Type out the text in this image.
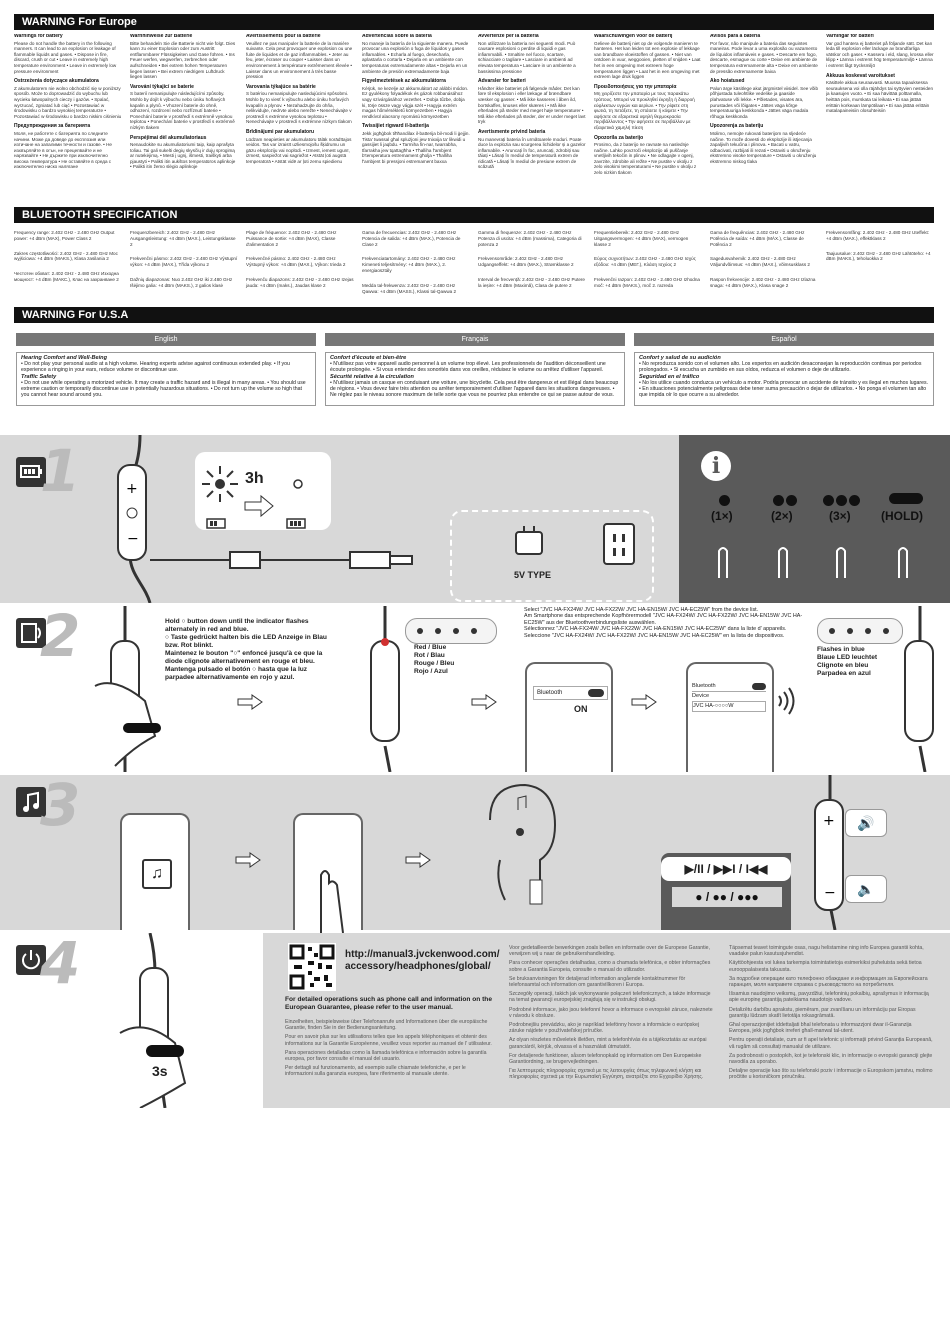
WARNING For Europe
Warnings for battery

Please do not handle the battery in the following manners. It can lead to an explosion or leakage of flammable liquids and gases. • Dispose in fire, discard, crush or cut • Leave in extremely high temperature environment • Leave in extremely low pressure environment

Ostrzeżenia dotyczące akumulatora

Z akumulatorem nie wolno obchodzić się w poniższy sposób. Może to doprowadzić do wybuchu lub wycieku łatwopalnych cieczy i gazów. • Spalać, wyrzucać, zgniatać lub ciąć • Pozostawiać w środowisku o bardzo wysokiej temperaturze • Pozostawiać w środowisku o bardzo niskim ciśnieniu

Предупреждения за батерията

Моля, не работете с батерията по следните начини. Може да доведе до експлозия или изтичане на запалими течности и газове. • Не изхвърляйте в огън, не прецепвайте и не нарязвайте • Не държете при изключително висока температура • Не оставяйте в среда с изключително ниско налягане

Warnhinweise zur Batterie

Bitte behandeln Sie die Batterie nicht wie folgt. Dies kann zu einer Explosion oder zum Austritt entflammbarer Flüssigkeiten und Gase führen. • Ins Feuer werfen, wegwerfen, zerbrechen oder aufschneiden • Bei extrem hohen Temperaturen liegen lassen • Bei extrem niedrigem Luftdruck liegen lassen

Varování týkající se baterie

S baterií nemanipulujte následujícími způsoby. Mohlo by dojít k výbuchu nebo úniku hořlavých kapalin a plynů. • Vhození baterie do ohně, odhození, rozdrcení nebo rozříznutí baterie • Ponechání baterie v prostředí s extrémně vysokou teplotou • Ponechání baterie v prostředí s extrémně nízkým tlakem

Perspėjimai dėl akumuliatoriaus

Nenaudokite su akumuliatoriumi taip, kaip aprašyta toliau. Tai gali sukelti degių skysčių ir dujų sprogimą ar nutekėjimą. • Mesti į ugnį, išmesti, traiškyti arba pjaustyti • Palikti itin aukštos temperatūros aplinkoje • Palikti itin žemo slėgio aplinkoje

Avertissements pour la batterie

Veuillez ne pas manipuler la batterie de la manière suivante. Cela peut provoquer une explosion ou une fuite de liquides et de gaz inflammables. • Jeter au feu, jeter, écraser ou couper • Laisser dans un environnement à température extrêmement élevée • Laisser dans un environnement à très basse pression

Varovania týkajúce sa batérie

S batériou nemanipulujte nasledujúcimi spôsobmi. Mohlo by to viesť k výbuchu alebo úniku horľavých kvapalín a plynov. • Nezahadzujte do ohňa, nelikvidujte, nedrvte alebo nerežte • Nenechávajte v prostredí s extrémne vysokou teplotou • Nenechávajte v prostredí s extrémne nízkym tlakom

Brīdinājumi par akumulatoru

Lūdzam neapieties ar akumulatoru tālāk norādītajos veidos. Tas var izraisīt uzliesmojošu šķidrumu un gāzu eksploziju vai noplūdi. • Izmest, iemest ugunī, izmest, saspiežot vai sagriežot • Atstāt ļoti augstā temperatūrā • Atstāt vidē ar ļoti zemu spiedienu

Advertencias sobre la batería

No maneje la batería de la siguiente manera. Puede provocar una explosión o fuga de líquidos y gases inflamables. • Echarla al fuego, desecharla, aplastarla o cortarla • Dejarla en un ambiente con temperaturas extremadamente altas • Dejarla en un ambiente de presión extremadamente baja

Figyelmeztetések az akkumulátorra

Kérjük, ne kezelje az akkumulátort az alábbi módon. Ez gyulékony folyadékok és gázok robbanásához vagy szivárgásához vezethet. • Dobja tűzbe, dobja ki, törje össze vagy vágja szét • Hagyja extrém magas hőmérsékletű környezetben • Hagyja rendkívül alacsony nyomású környezetben

Twissijiet rigward il-batterija

Jekk jogħġbok tiħħandilax il-batterija bil-modi li ġejjin. Tista' twassal għal splużjoni jew tnixxija ta' likwidi u gassijiet li jaqbdu. • Tarmiha fin-nar, twarrabha, tfarrakha jew tqattagħha • Tħalliha f'ambjent b'temperatura estremament għolja • Tħalliha f'ambjent bi pressjoni estremament baxxa

Avvertenze per la batteria

Non utilizzare la batteria nei seguenti modi. Può causare esplosioni o perdite di liquidi e gas infiammabili. • Smaltire nel fuoco, scartare, schiacciare o tagliare • Lasciare in ambienti ad elevata temperatura • Lasciare in un ambiente a bassissima pressione

Advarsler for batteri

Håndter ikke batteriet på følgende måder. Det kan føre til eksplosion i eller lækage af brændbare væsker og gasser. • Må ikke kasseres i åben ild, bortskaffes, knuses eller skæres i • Må ikke efterlades på steder med meget høje temperaturer • Må ikke efterlades på steder, der er under meget lavt tryk

Avertismente privind bateria

Nu manevrați bateria în următoarele moduri. Poate duce la explozia sau scurgerea lichidelor și a gazelor inflamabile. • Aruncați în foc, aruncați, zdrobiți sau tăiați • Lăsați în mediul de temperatură extrem de ridicată • Lăsați în mediul de presiune extrem de scăzută

Waarschuwingen voor de batterij

Gelieve de batterij niet op de volgende manieren te hanteren. Het kan leiden tot een explosie of lekkage van brandbare vloeistoffen of gassen. • Niet van ontdoen in vuur, weggooien, pletten of snijden • Laat het in een omgeving met extreem hoge temperaturen liggen • Laat het in een omgeving met extreem lage druk liggen

Προειδοποιήσεις για την μπαταρία

Μη χειρίζεστε την μπαταρία με τους παρακάτω τρόπους. Μπορεί να προκληθεί έκρηξη ή διαρροή εύφλεκτων υγρών και αερίων. • Την ρίψετε στη φωτιά, τη πετάξετε, τη σπάσετε ή κόψετε • Την αφήσετε σε εξαιρετικά υψηλή θερμοκρασία περιβάλλοντος • Την αφήσετε σε περιβάλλον με εξαιρετικά χαμηλή πίεση

Opozorila za baterijo

Prosimo, da z baterijo ne ravnate na naslednje načine. Lahko povzroči eksplozijo ali puščanje vnetljivih tekočin in plinov. • Ne odlagajte v ogenj, zavrzite, zdrobite ali režite • Ne pustite v okolju z zelo visokimi temperaturami • Ne pustite v okolju z zelo nizkim tlakom

Avisos para a bateria

Por favor, não manipule a bateria das seguintes maneiras. Pode levar a uma explosão ou vazamento de líquidos inflamáveis e gases. • Descarte em fogo, descarte, esmague ou corte • Deixe em ambiente de temperatura extremamente alta • Deixe em ambiente de pressão extremamente baixa

Ako hoiatused

Palun ärge käsitlege akut järgmistel viisidel. See võib põhjustada tuleohtlike vedelike ja gaaside plahvatuse või lekke. • Põletades, visates ära, purustades või lõigates • Jättes väga kõrge temperatuuriga keskkonda • Jättes väga madala rõhuga keskkonda

Upozorenja za bateriju

Molimo, nemojte rukovati baterijom na sljedeće načine. To može dovesti do eksplozije ili istjecanja zapaljivih tekućina i plinova. • Bacati u vatru, odbacivati, razbijati ili rezati • Ostaviti u okruženju ekstremno visoke temperature • Ostaviti u okruženju ekstremno niskog tlaka

Varningar för batteri

Var god hantera ej batteriet på följande sätt. Det kan leda till explosion eller läckage av brandfarliga vätskor och gaser. • Kassera i eld, slang, krossa eller klipp • Lämna i extremt hög temperaturmiljö • Lämna i extremt lågt trycksmiljö

Akkuua koskevat varoitukset

Käsittele akkua seuraavasti. Muussa tapauksessa seurauksena voi olla räjähdys tai syttyvien nesteiden ja kaasujen vuoto. • Ei saa hävittää polttamalla, heittää pois, murskata tai leikata • Ei saa jättää erittäin korkeaan lämpötilaan • Ei saa jättää erittäin matalapaineisiin olosuhteisiin

BLUETOOTH SPECIFICATION

Frequency range: 2.402 GHz - 2.480 GHz Output power: +4 dBm (MAX), Power Class 2

Zakres częstotliwości: 2.402 GHz - 2.480 GHz Moc wyjściowa: +4 dBm (MAKS.), Klasa zasilania 2

Честотен обхват: 2.402 GHz - 2.480 GHz Изходна мощност: +4 dBm (МАКС.), Клас на захранване 2

Frequenzbereich: 2.402 GHz - 2.480 GHz Ausgangsleistung: +4 dBm (MAX.), Leistungsklasse 2

Frekvenčni pásmo: 2.402 GHz - 2.480 GHz Výstupní výkon: +4 dBm (MAX.), Třída výkonu 2

Dažnių diapazonas: Nuo 2.402 GHz iki 2.480 GHz Išėjimo galia: +4 dBm (MAKS.), 2 galios klasė

Plage de fréquence: 2.402 GHz - 2.480 GHz Puissance de sortie: +4 dBm (MAX), Classe d'alimentation 2

Frekvenčné pásmo: 2.402 GHz - 2.480 GHz Výstupný výkon: +4 dBm (MAX.), Výkon: trieda 2

Frekvenču diapazons: 2.402 GHz - 2.480 GHz Izejas jauda: +4 dBm (maks.), Jaudas klase 2

Gama de frecuencias: 2.402 GHz - 2.480 GHz Potencia de salida: +4 dBm (MAX.), Potencia de Clase 2

Frekvenciatartomány: 2.402 GHz - 2.480 GHz Kimeneti teljesítmény: +4 dBm (MAX.), 2. energiaosztály

Medda tal-frekwenza: 2.402 GHz - 2.480 GHz Qawwa: +4 dBm (MASS.), Klassi tal-Qawwa 2

Gamma di frequenze: 2.402 GHz - 2.480 GHz Potenza di uscita: +4 dBm (massima), Categoria di potenza 2

Frekvensområde: 2.402 GHz - 2.480 GHz Udgangseffekt: +4 dBm (MAX.), Strømklasse 2

Interval de frecvență: 2.402 GHz - 2.480 GHz Putere la ieșire: +4 dBm (Maximă), Clasa de putere 2

Frequentiebereik: 2.402 GHz - 2.480 GHz Uitgangsvermogen: +4 dBm (MAX), vermogen klasse 2

Εύρος συχνοτήτων: 2.402 GHz - 2.480 GHz Ισχύς εξόδου: +4 dBm (ΜΕΓ.), Κλάση Ισχύος 2

Frekvenčni razpon: 2.402 GHz - 2.480 GHz Izhodna moč: +4 dBm (MAKS.), moč 2. razreda

Gama de frequências: 2.402 GHz - 2.480 GHz Potência de saída: +4 dBm (MÁX.), Classe de Potência 2

Sagedusvahemik: 2.402 GHz - 2.480 GHz Väljundvõimsus: +4 dBm (MAX.), võimsusklass 2

Raspon frekvencije: 2.402 GHz - 2.480 GHz Izlazna snaga: +4 dBm (MAX.), Klasa snage 2

Frekvensomfång: 2.402 GHz - 2.480 GHz Uteffekt: +4 dBm (MAX.), effektklass 2

Taajuusalue: 2.402 GHz - 2.480 GHz Lähtöteho: +4 dBm (MAKS.), teholuokka 2

WARNING For U.S.A
English	Français	Español
Hearing Comfort and Well-Being

• Do not play your personal audio at a high volume. Hearing experts advise against continuous extended play. • If you experience a ringing in your ears, reduce volume or discontinue use.

Traffic Safety

• Do not use while operating a motorized vehicle. It may create a traffic hazard and is illegal in many areas. • You should use extreme caution or temporarily discontinue use in potentially hazardous situations. • Do not turn up the volume so high that you cannot hear sound around you.

Confort d'écoute et bien-être

• N'utilisez pas votre appareil audio personnel à un volume trop élevé. Les professionnels de l'audition déconseillent une écoute prolongée. • Si vous entendez des sonorités dans vos oreilles, réduisez le volume ou arrêtez d'utiliser l'appareil.

Sécurité relative à la circulation

• N'utilisez jamais un casque en conduisant une voiture, une bicyclette. Cela peut être dangereux et est illégal dans beaucoup de régions. • Vous devez faire très attention ou arrêter temporairement d'utiliser l'appareil dans les situations dangereuses. • Ne réglez pas le niveau sonore maximum de telle sorte que vous ne pourriez plus entendre ce qui se passe autour de vous.

Confort y salud de su audición

• No reproduzca sonido con el volumen alto. Los expertos en audición desaconsejan la reproducción continua por periodos prolongados. • Si escucha un zumbido en sus oídos, reduzca el volumen o deje de utilizarlo.

Seguridad en el tráfico

• No los utilice cuando conduzca un vehículo a motor. Podría provocar un accidente de tránsito y es ilegal en muchos lugares. • En situaciones potencialmente peligrosas debe tener suma precaución o dejar de utilizarlos. • No ponga el volumen tan alto que impida oír lo que ocurre a su alrededor.

1	+
−
3h
5V TYPE
i
(1×)	(2×)	(3×)	(HOLD)
2	Hold ○ button down until the indicator flashes alternately in red and blue.
○ Taste gedrückt halten bis die LED Anzeige in Blau bzw. Rot blinkt.
Maintenez le bouton "○" enfoncé jusqu'à ce que la diode clignote alternativement en rouge et bleu.
Mantenga pulsado el botón ○ hasta que la luz parpadee alternativamente en rojo y azul.
Red / Blue
Rot / Blau
Rouge / Bleu
Rojo / Azul
Select "JVC HA-FX24W/ JVC HA-FX22W/ JVC HA-EN15W/ JVC HA-EC25W" from the device list.
Am Smartphone das entsprechende Kopfhörermodell "JVC HA-FX24W/ JVC HA-FX22W/ JVC HA-EN15W/ JVC HA-EC25W" aus der Bluetoothverbindungsliste auswählen.
Sélectionnez "JVC HA-FX24W/ JVC HA-FX22W/ JVC HA-EN15W/ JVC HA-EC25W" dans la liste d' appareils.
Seleccione "JVC HA-FX24W/ JVC HA-FX22W/ JVC HA-EN15W/ JVC HA-EC25W" en la lista de dispositivos.
Bluetooth
ON
Bluetooth
Device
JVC HA-○○○○W
Flashes in blue
Blaue LED leuchtet
Clignote en bleu
Parpadea en azul
3
♫	▶/II / ▶▶I / I◀◀
● / ●● / ●●●
🔊
🔈
+
−
4
3s
http://manual3.jvckenwood.com/ accessory/headphones/global/
For detailed operations such as phone call and information on the European Guarantee, please refer to the user manual.

Einzelheiten, beispielsweise über Telefonanrufe und Informationen über die europäische Garantie, finden Sie in der Bedienungsanleitung.

Pour en savoir plus sur les utilisations telles que les appels téléphoniques et obtenir des informations sur la Garantie Européenne, veuillez vous reporter au manuel de l' utilisateur.

Para operaciones detalladas como la llamada telefónica e información sobre la garantía europea, por favor consulte el manual del usuario.

Per dettagli sul funzionamento, ad esempio sulle chiamate telefoniche, e per le informazioni sulla garanzia europea, fare riferimento al manuale utente.

Voor gedetailleerde bewerkingen zoals bellen en informatie over de Europese Garantie, verwijzen wij u naar de gebruikershandleiding.

Para conhecer operações detalhadas, como a chamada telefónica, e obter informações sobre a Garantia Europeia, consulte o manual do utilizador.

Se bruksanvisningen för detaljerad information angående kontaktnummer för telefonsamtal och information om garantivillkoren i Europa.

Szczegóły operacji, takich jak wykonywanie połączeń telefonicznych, a także informacje na temat gwarancji europejskiej znajdują się w instrukcji obsługi.

Podrobné informace, jako jsou telefonní hovor a informace o evropské záruce, naleznete v návodu k obsluze.

Podrobnejšiu prevádzku, ako je napríklad telefónny hovor a informácie o európskej záruke nájdete v používateľskej príručke.

Az olyan részletes műveletek illetően, mint a telefonhívás és a tájékoztatás az európai garanciáról, kérjük, olvassa el a használati útmutatót.

For detaljerede funktioner, såsom telefonopkald og information om Den Europæiske Garantiordning, se brugervejledningen.

Για λεπτομερείς πληροφορίες σχετικά με τις λειτουργίες όπως τηλεφωνική κλήση και πληροφορίες σχετικά με την Ευρωπαϊκή Εγγύηση, ανατρέξτε στο Εγχειρίδιο Χρήσης.

Täpsemat teavet toimingute osas, nagu helistamine ning info Europea garantii kohta, vaadake palun kasutusjuhendist.

Käyttöohjeesta voi lukea tarkempia toimintatietoja esimerkiksi puheluista sekä tietoa eurooppalaisesta takuusta.

За подробни операции като телефонно обаждане и информация за Европейската гаранция, моля направете справка с ръководството на потребителя.

Išsamius naudojimo veiksmų, pavyzdžiui, telefoninių pokalbių, aprašymus ir informaciją apie europinę garantiją pateikiama naudotojo vadove.

Detalizētu darbību aprakstu, piemēram, par zvanīšanu un informāciju par Eiropas garantiju lūdzam skatīt lietotāja rokasgrāmatā.

Għal operazzjonijiet iddettaljati bħal telefonata u informazzjoni dwar il-Garanzija Ewropea, jekk jogħġbok irreferi għall-manwal tal-utent.

Pentru operații detaliate, cum ar fi apel telefonic și informații privind Garanția Europeană, vă rugăm să consultați manualul de utilizare.

Za podrobnosti o postopkih, kot je telefonski klic, in informacije o evropski garanciji glejte navodila za uporabo.

Detaljne operacije kao što su telefonski poziv i informacije o Europskom jamstvu, molimo pročitite u korisničkom priručniku.
